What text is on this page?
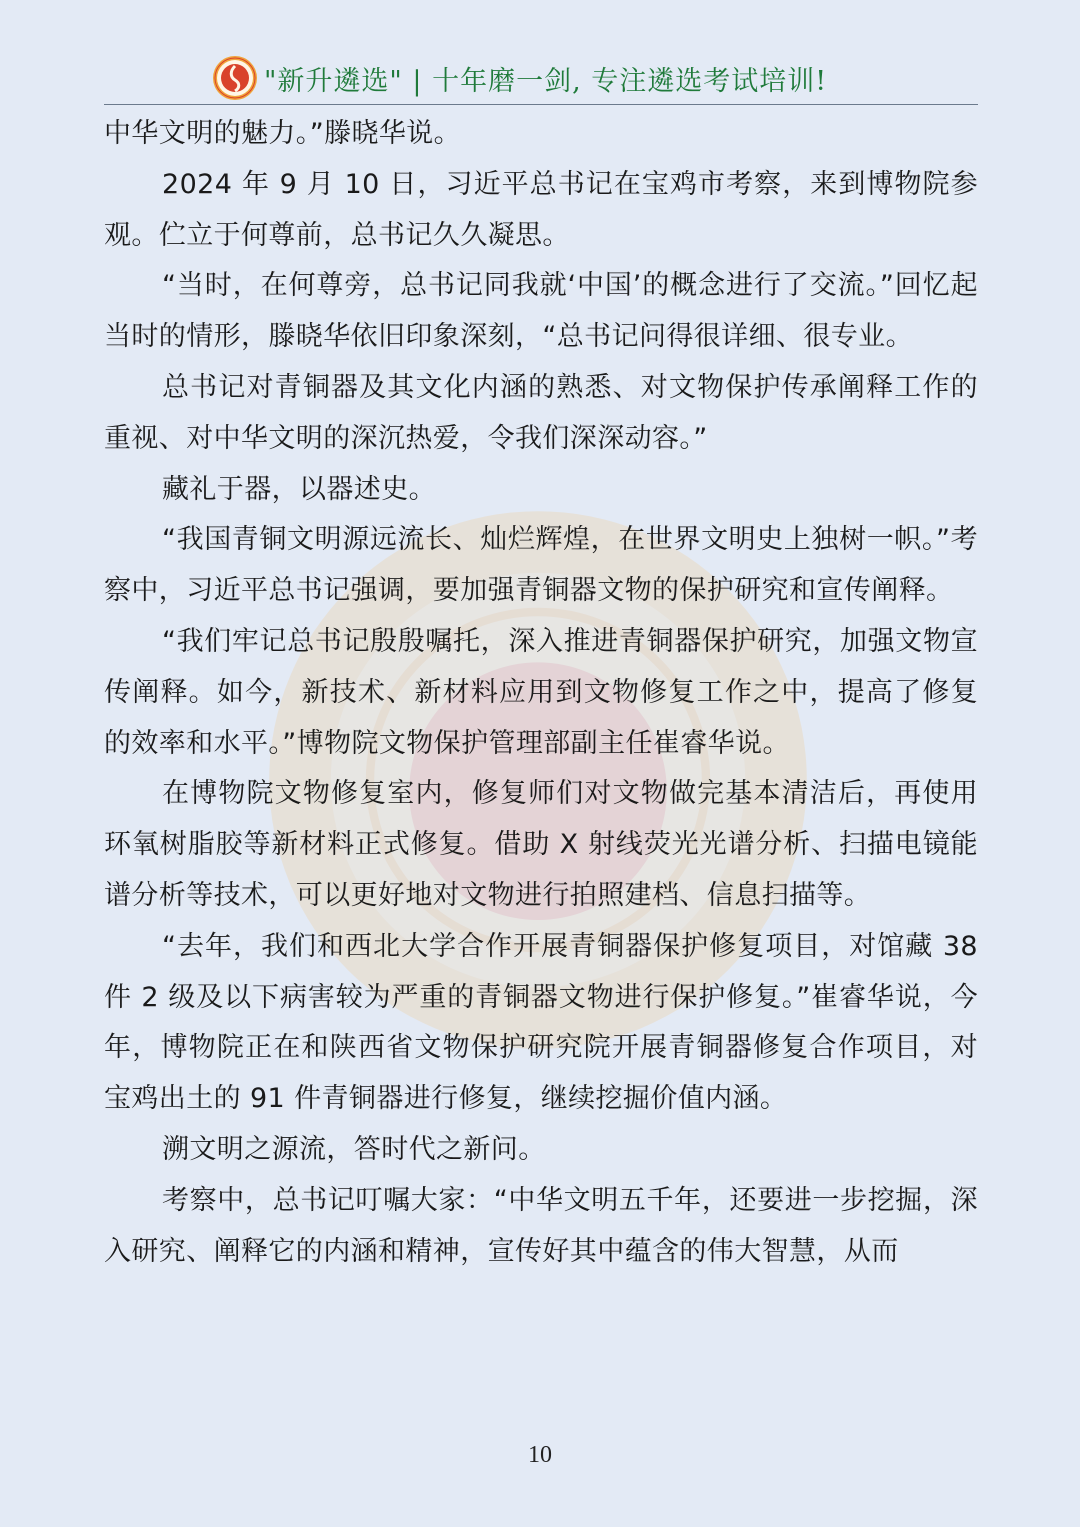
"新升遴选" | 十年磨一剑, 专注遴选考试培训!

中华文明的魅力。”滕晓华说。

2024 年 9 月 10 日，习近平总书记在宝鸡市考察，来到博物院参观。伫立于何尊前，总书记久久凝思。

“当时，在何尊旁，总书记同我就‘中国’的概念进行了交流。”回忆起当时的情形，滕晓华依旧印象深刻，“总书记问得很详细、很专业。

总书记对青铜器及其文化内涵的熟悉、对文物保护传承阐释工作的重视、对中华文明的深沉热爱，令我们深深动容。”

藏礼于器，以器述史。

“我国青铜文明源远流长、灿烂辉煌，在世界文明史上独树一帜。”考察中，习近平总书记强调，要加强青铜器文物的保护研究和宣传阐释。

“我们牢记总书记殷殷嘱托，深入推进青铜器保护研究，加强文物宣传阐释。如今，新技术、新材料应用到文物修复工作之中，提高了修复的效率和水平。”博物院文物保护管理部副主任崔睿华说。

在博物院文物修复室内，修复师们对文物做完基本清洁后，再使用环氧树脂胶等新材料正式修复。借助 X 射线荧光光谱分析、扫描电镜能谱分析等技术，可以更好地对文物进行拍照建档、信息扫描等。

“去年，我们和西北大学合作开展青铜器保护修复项目，对馆藏 38 件 2 级及以下病害较为严重的青铜器文物进行保护修复。”崔睿华说，今年，博物院正在和陕西省文物保护研究院开展青铜器修复合作项目，对宝鸡出土的 91 件青铜器进行修复，继续挖掘价值内涵。

溯文明之源流，答时代之新问。

考察中，总书记叮嘱大家：“中华文明五千年，还要进一步挖掘，深入研究、阐释它的内涵和精神，宣传好其中蕴含的伟大智慧，从而

10
